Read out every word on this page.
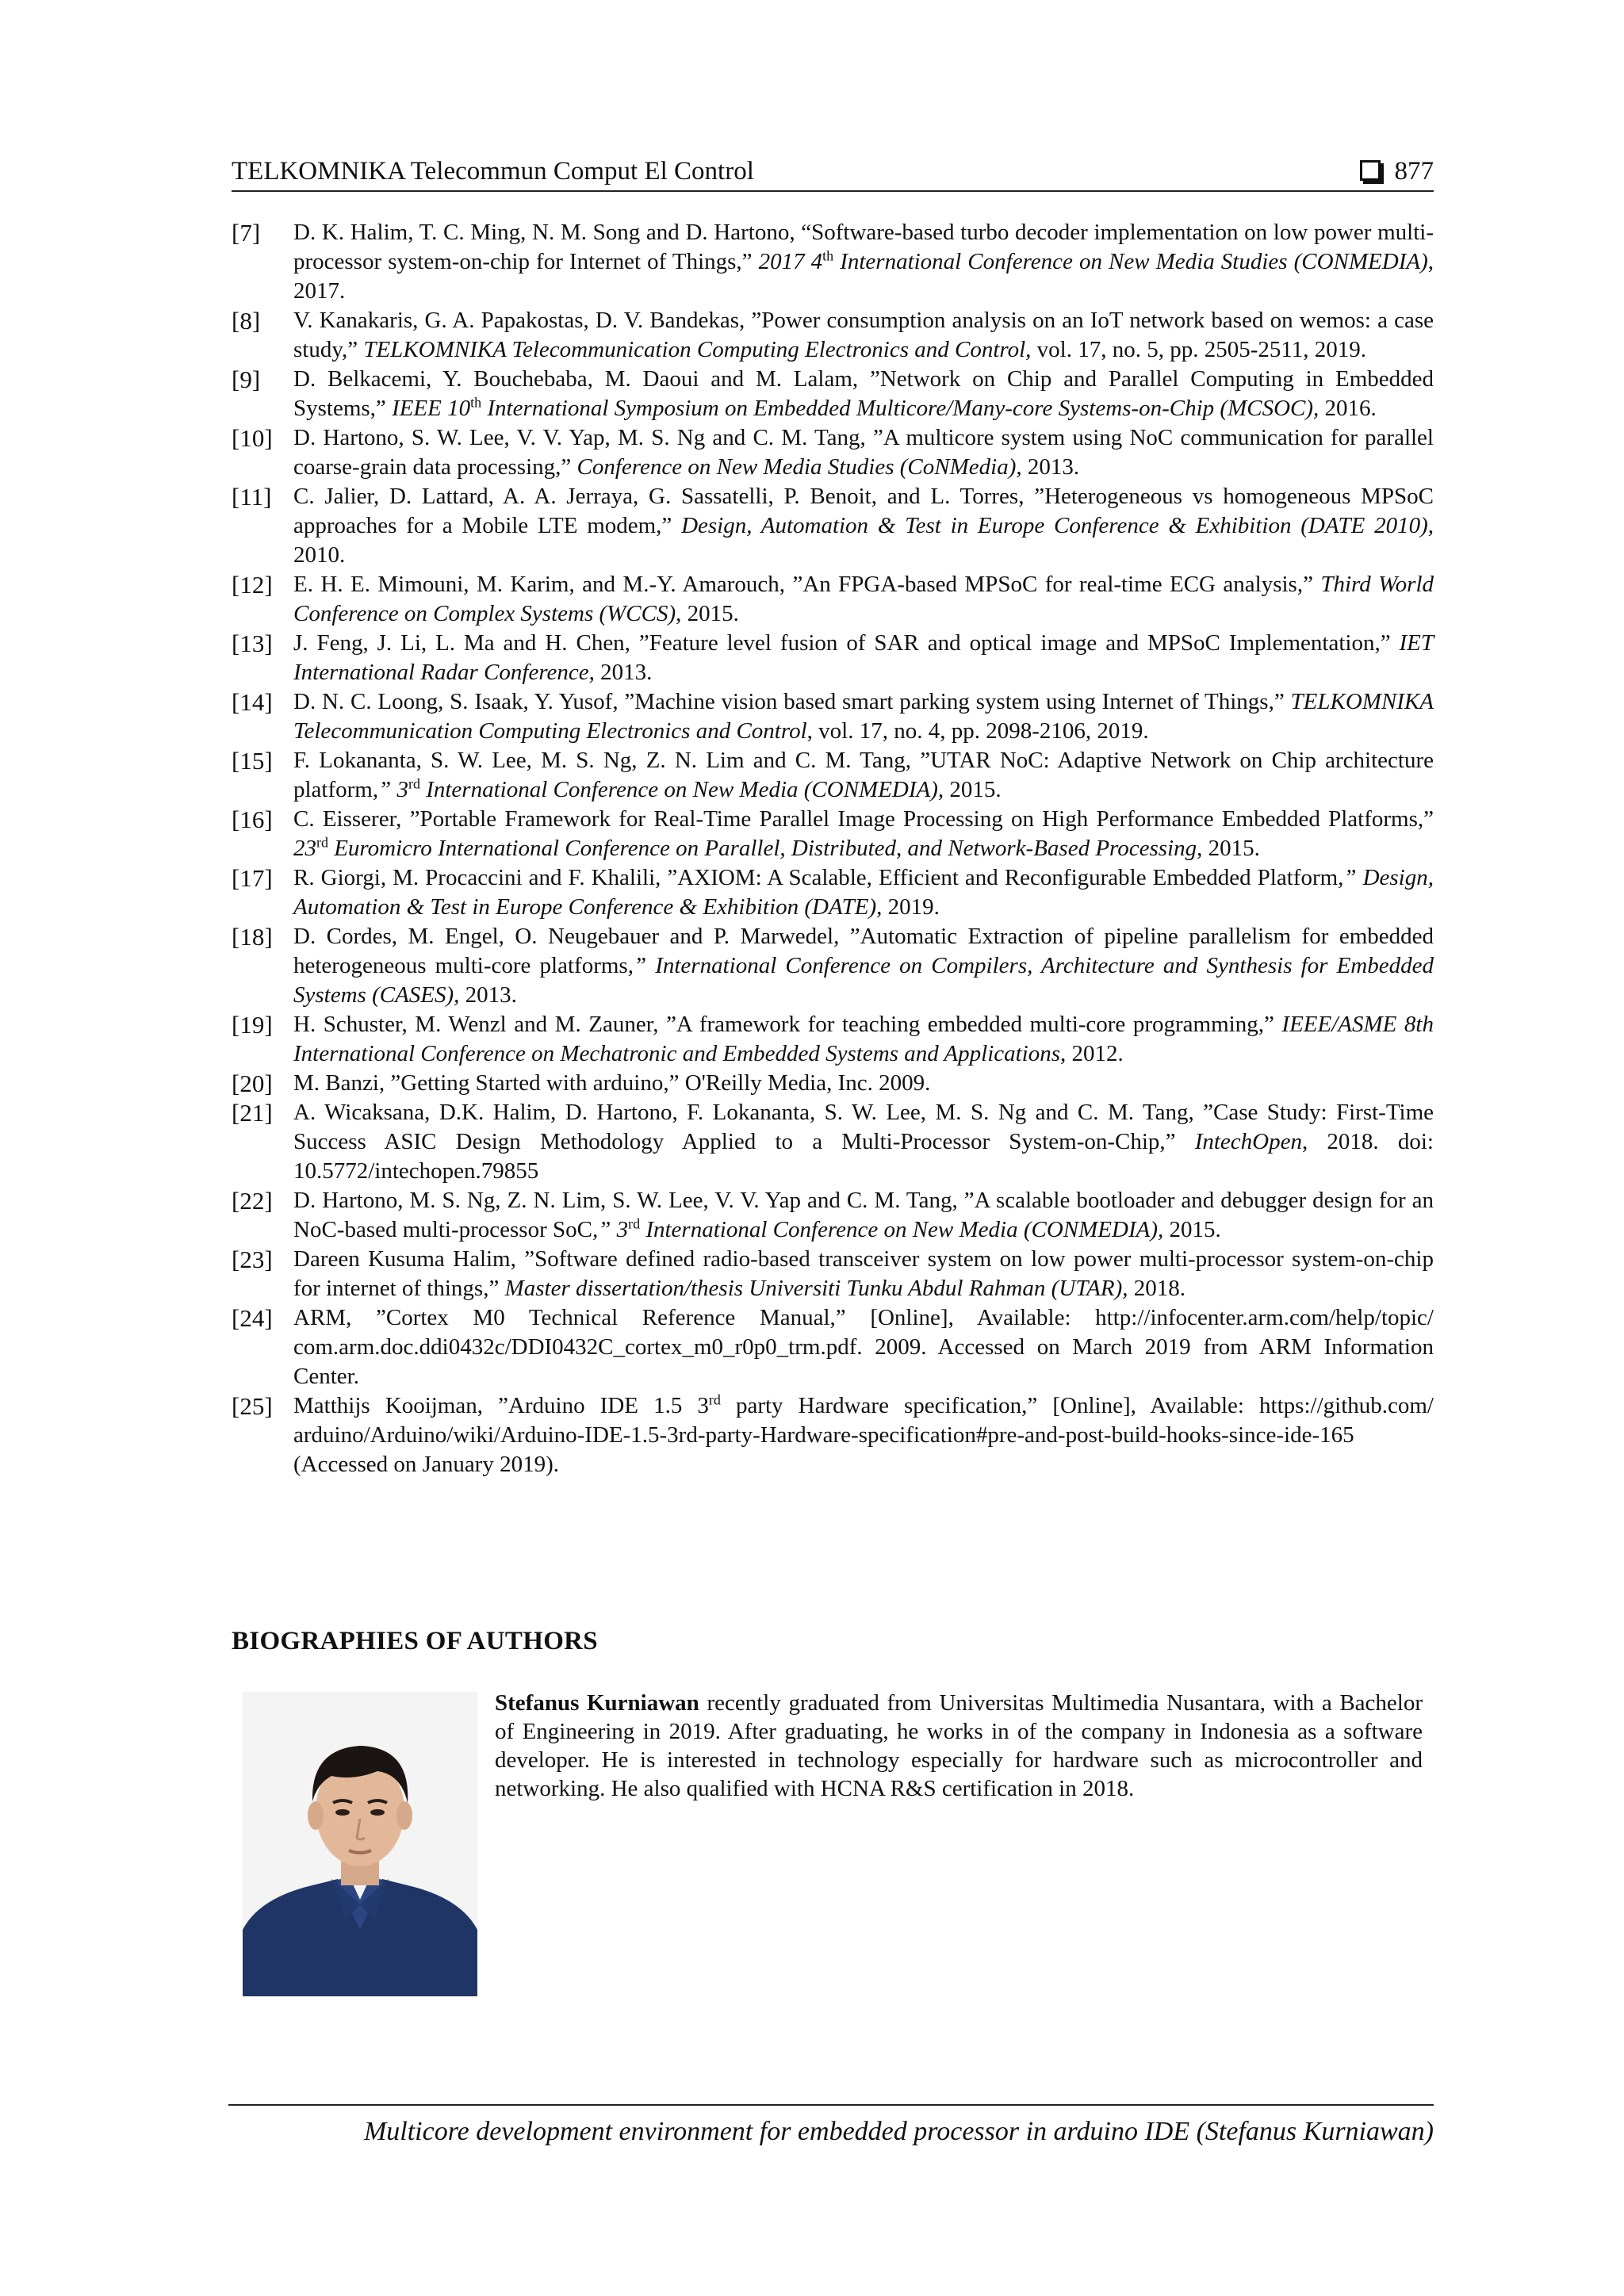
TELKOMNIKA Telecommun Comput El Control	877
[7] D. K. Halim, T. C. Ming, N. M. Song and D. Hartono, “Software-based turbo decoder implementation on low power multi-processor system-on-chip for Internet of Things,” 2017 4th International Conference on New Media Studies (CONMEDIA), 2017.
[8] V. Kanakaris, G. A. Papakostas, D. V. Bandekas, ”Power consumption analysis on an IoT network based on wemos: a case study,” TELKOMNIKA Telecommunication Computing Electronics and Control, vol. 17, no. 5, pp. 2505-2511, 2019.
[9] D. Belkacemi, Y. Bouchebaba, M. Daoui and M. Lalam, ”Network on Chip and Parallel Computing in Embedded Systems,” IEEE 10th International Symposium on Embedded Multicore/Many-core Systems-on-Chip (MCSOC), 2016.
[10] D. Hartono, S. W. Lee, V. V. Yap, M. S. Ng and C. M. Tang, ”A multicore system using NoC communication for parallel coarse-grain data processing,” Conference on New Media Studies (CoNMedia), 2013.
[11] C. Jalier, D. Lattard, A. A. Jerraya, G. Sassatelli, P. Benoit, and L. Torres, ”Heterogeneous vs homogeneous MPSoC approaches for a Mobile LTE modem,” Design, Automation & Test in Europe Conference & Exhibition (DATE 2010), 2010.
[12] E. H. E. Mimouni, M. Karim, and M.-Y. Amarouch, ”An FPGA-based MPSoC for real-time ECG analysis,” Third World Conference on Complex Systems (WCCS), 2015.
[13] J. Feng, J. Li, L. Ma and H. Chen, ”Feature level fusion of SAR and optical image and MPSoC Implementation,” IET International Radar Conference, 2013.
[14] D. N. C. Loong, S. Isaak, Y. Yusof, ”Machine vision based smart parking system using Internet of Things,” TELKOMNIKA Telecommunication Computing Electronics and Control, vol. 17, no. 4, pp. 2098-2106, 2019.
[15] F. Lokananta, S. W. Lee, M. S. Ng, Z. N. Lim and C. M. Tang, ”UTAR NoC: Adaptive Network on Chip architecture platform,” 3rd International Conference on New Media (CONMEDIA), 2015.
[16] C. Eisserer, ”Portable Framework for Real-Time Parallel Image Processing on High Performance Embedded Platforms,” 23rd Euromicro International Conference on Parallel, Distributed, and Network-Based Processing, 2015.
[17] R. Giorgi, M. Procaccini and F. Khalili, ”AXIOM: A Scalable, Efficient and Reconfigurable Embedded Platform,” Design, Automation & Test in Europe Conference & Exhibition (DATE), 2019.
[18] D. Cordes, M. Engel, O. Neugebauer and P. Marwedel, ”Automatic Extraction of pipeline parallelism for embedded heterogeneous multi-core platforms,” International Conference on Compilers, Architecture and Synthesis for Embedded Systems (CASES), 2013.
[19] H. Schuster, M. Wenzl and M. Zauner, ”A framework for teaching embedded multi-core programming,” IEEE/ASME 8th International Conference on Mechatronic and Embedded Systems and Applications, 2012.
[20] M. Banzi, ”Getting Started with arduino,” O'Reilly Media, Inc. 2009.
[21] A. Wicaksana, D.K. Halim, D. Hartono, F. Lokananta, S. W. Lee, M. S. Ng and C. M. Tang, ”Case Study: First-Time Success ASIC Design Methodology Applied to a Multi-Processor System-on-Chip,” IntechOpen, 2018. doi: 10.5772/intechopen.79855
[22] D. Hartono, M. S. Ng, Z. N. Lim, S. W. Lee, V. V. Yap and C. M. Tang, ”A scalable bootloader and debugger design for an NoC-based multi-processor SoC,” 3rd International Conference on New Media (CONMEDIA), 2015.
[23] Dareen Kusuma Halim, ”Software defined radio-based transceiver system on low power multi-processor system-on-chip for internet of things,” Master dissertation/thesis Universiti Tunku Abdul Rahman (UTAR), 2018.
[24] ARM, ”Cortex M0 Technical Reference Manual,” [Online], Available: http://infocenter.arm.com/help/topic/ com.arm.doc.ddi0432c/DDI0432C_cortex_m0_r0p0_trm.pdf. 2009. Accessed on March 2019 from ARM Information Center.
[25] Matthijs Kooijman, ”Arduino IDE 1.5 3rd party Hardware specification,” [Online], Available: https://github.com/ arduino/Arduino/wiki/Arduino-IDE-1.5-3rd-party-Hardware-specification#pre-and-post-build-hooks-since-ide-165 (Accessed on January 2019).
BIOGRAPHIES OF AUTHORS
Stefanus Kurniawan recently graduated from Universitas Multimedia Nusantara, with a Bachelor of Engineering in 2019. After graduating, he works in of the company in Indonesia as a software developer. He is interested in technology especially for hardware such as microcontroller and networking. He also qualified with HCNA R&S certification in 2018.
Multicore development environment for embedded processor in arduino IDE (Stefanus Kurniawan)
